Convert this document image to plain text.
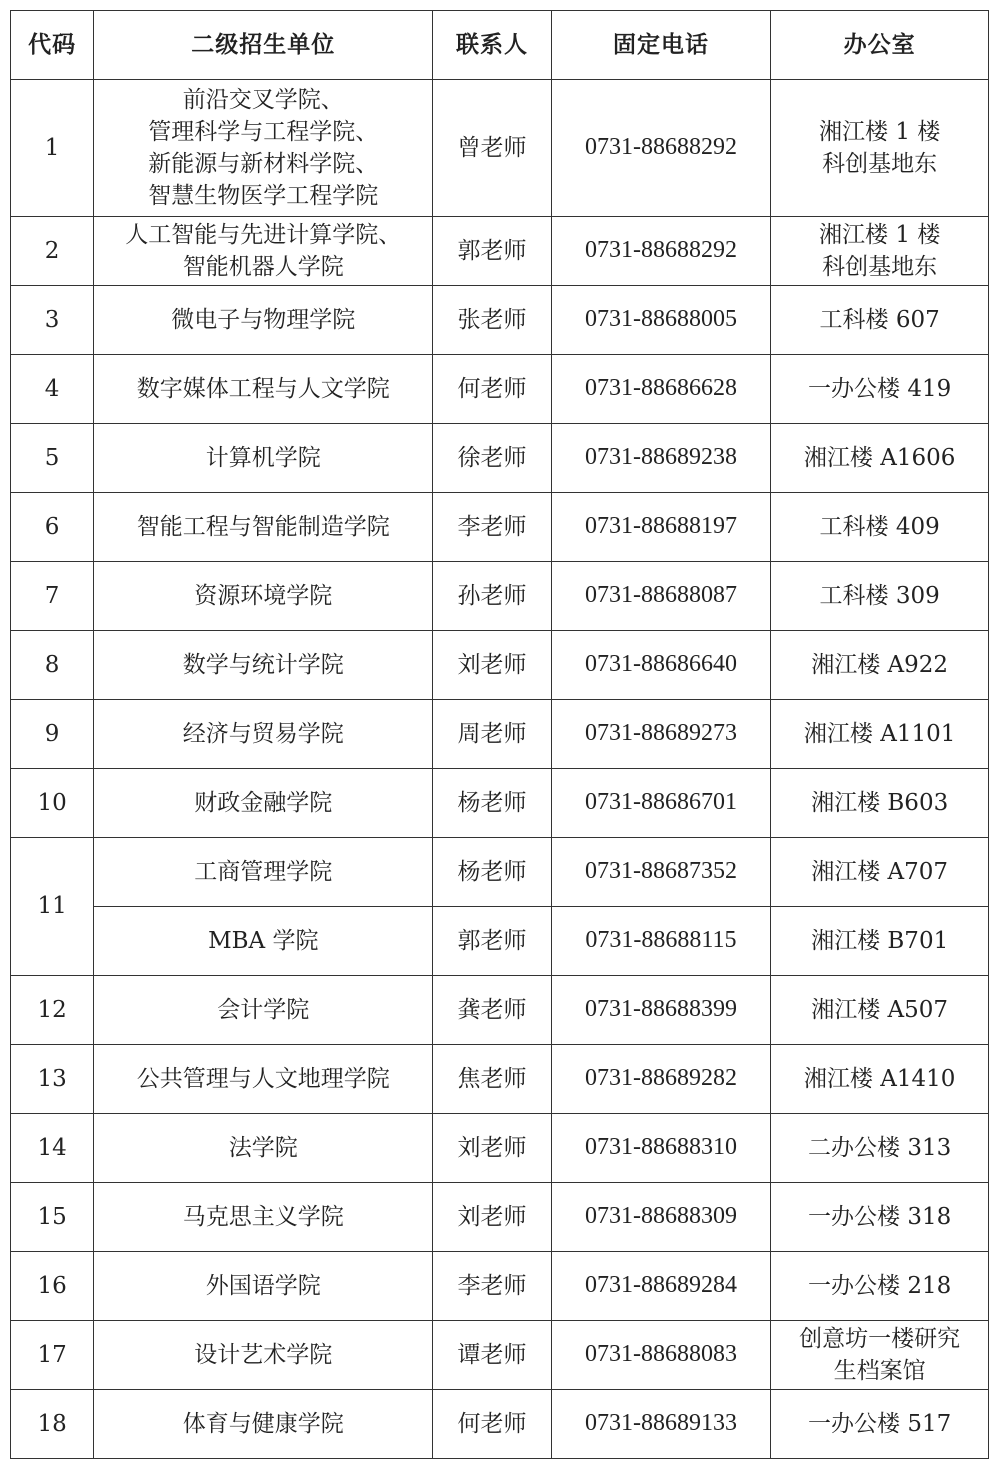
代码	二级招生单位	联系人	固定电话	办公室
1	前沿交叉学院、
管理科学与工程学院、
新能源与新材料学院、
智慧生物医学工程学院	曾老师	0731-88688292	湘江楼 1 楼
科创基地东

2	人工智能与先进计算学院、
智能机器人学院	郭老师	0731-88688292	湘江楼 1 楼
科创基地东

3	微电子与物理学院	张老师	0731-88688005	工科楼 607

4	数字媒体工程与人文学院	何老师	0731-88686628	一办公楼 419

5	计算机学院	徐老师	0731-88689238	湘江楼 A1606

6	智能工程与智能制造学院	李老师	0731-88688197	工科楼 409

7	资源环境学院	孙老师	0731-88688087	工科楼 309

8	数学与统计学院	刘老师	0731-88686640	湘江楼 A922

9	经济与贸易学院	周老师	0731-88689273	湘江楼 A1101

10	财政金融学院	杨老师	0731-88686701	湘江楼 B603

11	工商管理学院	杨老师	0731-88687352	湘江楼 A707

	MBA 学院	郭老师	0731-88688115	湘江楼 B701

12	会计学院	龚老师	0731-88688399	湘江楼 A507

13	公共管理与人文地理学院	焦老师	0731-88689282	湘江楼 A1410

14	法学院	刘老师	0731-88688310	二办公楼 313

15	马克思主义学院	刘老师	0731-88688309	一办公楼 318

16	外国语学院	李老师	0731-88689284	一办公楼 218

17	设计艺术学院	谭老师	0731-88688083	创意坊一楼研究
生档案馆

18	体育与健康学院	何老师	0731-88689133	一办公楼 517
